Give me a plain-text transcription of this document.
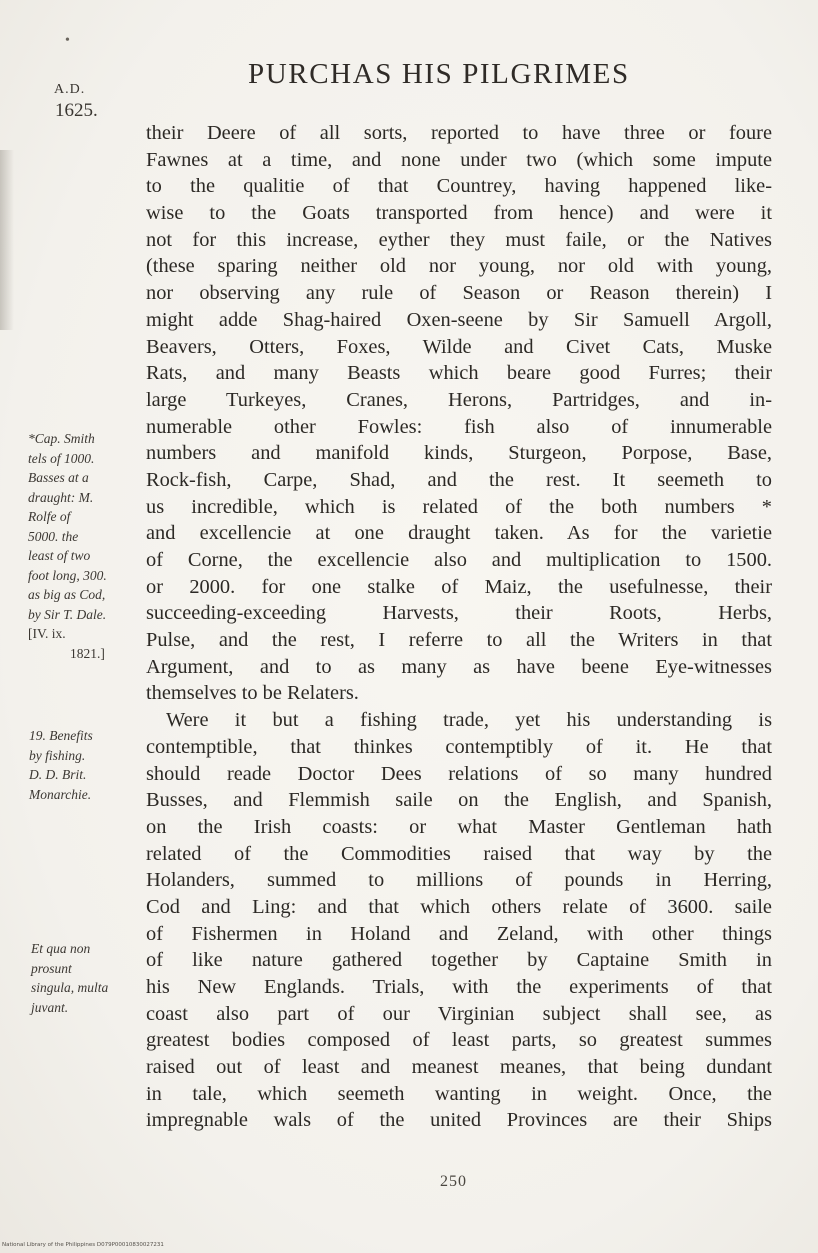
•
A.D.
1625.
PURCHAS HIS PILGRIMES
their Deere of all sorts, reported to have three or foure
Fawnes at a time, and none under two (which some impute
to the qualitie of that Countrey, having happened like-
wise to the Goats transported from hence) and were it
not for this increase, eyther they must faile, or the Natives
(these sparing neither old nor young, nor old with young,
nor observing any rule of Season or Reason therein) I
might adde Shag-haired Oxen-seene by Sir Samuell Argoll,
Beavers, Otters, Foxes, Wilde and Civet Cats, Muske
Rats, and many Beasts which beare good Furres; their
large Turkeyes, Cranes, Herons, Partridges, and in-
numerable other Fowles: fish also of innumerable
numbers and manifold kinds, Sturgeon, Porpose, Base,
Rock-fish, Carpe, Shad, and the rest. It seemeth to
us incredible, which is related of the both numbers *
and excellencie at one draught taken. As for the varietie
of Corne, the excellencie also and multiplication to 1500.
or 2000. for one stalke of Maiz, the usefulnesse, their
succeeding-exceeding Harvests, their Roots, Herbs,
Pulse, and the rest, I referre to all the Writers in that
Argument, and to as many as have beene Eye-witnesses
themselves to be Relaters.
Were it but a fishing trade, yet his understanding is
contemptible, that thinkes contemptibly of it. He that
should reade Doctor Dees relations of so many hundred
Busses, and Flemmish saile on the English, and Spanish,
on the Irish coasts: or what Master Gentleman hath
related of the Commodities raised that way by the
Holanders, summed to millions of pounds in Herring,
Cod and Ling: and that which others relate of 3600. saile
of Fishermen in Holand and Zeland, with other things
of like nature gathered together by Captaine Smith in
his New Englands. Trials, with the experiments of that
coast also part of our Virginian subject shall see, as
greatest bodies composed of least parts, so greatest summes
raised out of least and meanest meanes, that being dundant
in tale, which seemeth wanting in weight. Once, the
impregnable wals of the united Provinces are their Ships
*Cap. Smith
tels of 1000.
Basses at a
draught: M.
Rolfe of
5000. the
least of two
foot long, 300.
as big as Cod,
by Sir T. Dale.
[IV. ix.
1821.]
19. Benefits
by fishing.
D. D. Brit.
Monarchie.
Et qua non
prosunt
singula, multa
juvant.
250
National Library of the Philippines D079P00010830027231
